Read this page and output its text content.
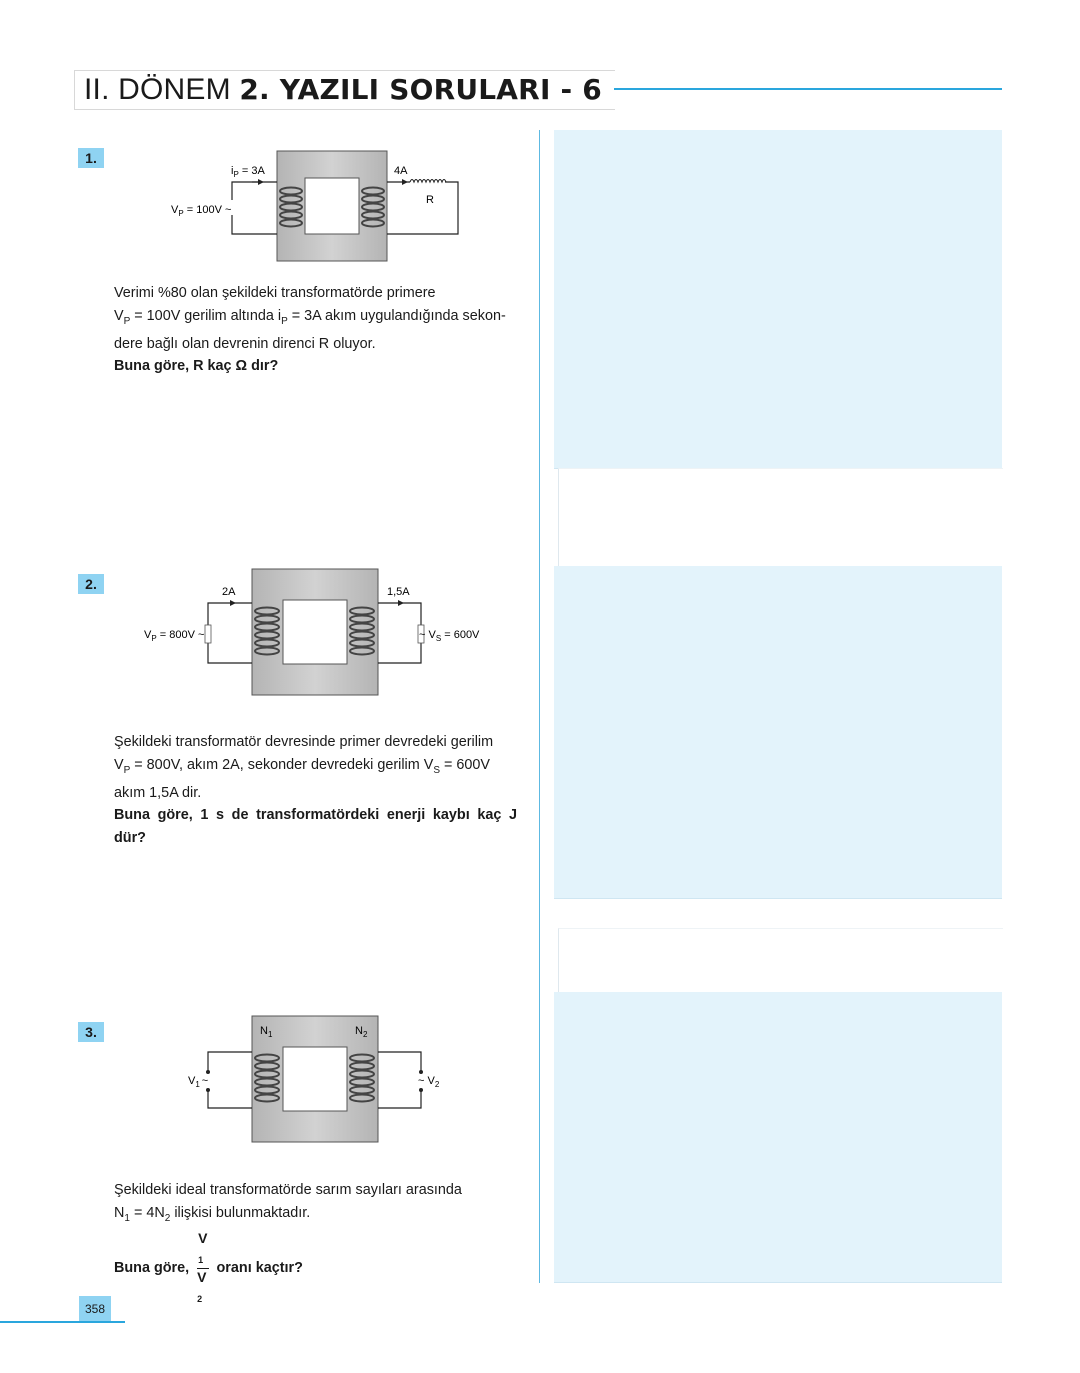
II. DÖNEM 2. YAZILI SORULARI - 6
1.
$i_P = 3A$
$V_P = 100V$ ~
4A
R

Verimi %80 olan şekildeki transformatörde primere

$V_P = 100V$ gerilim altında $i_P = 3A$ akım uygulandığında sekon-

dere bağlı olan devrenin direnci R oluyor.

Buna göre, R kaç Ω dır?

2.	2A	1,5A
$V_P = 800V$ ~	~ $V_S = 600V$

Şekildeki transformatör devresinde primer devredeki gerilim

$V_P = 800V$, akım 2A, sekonder devredeki gerilim $V_S = 600V$

akım 1,5A dir.

Buna göre, 1 s de transformatördeki enerji kaybı kaç J dür?

3.	$N_1$	$N_2$
$V_1$ ~	~ $V_2$

Şekildeki ideal transformatörde sarım sayıları arasında

$N_1 = 4N_2$ ilişkisi bulunmaktadır.

Buna göre, V
$_1$
V
$_2$ oranı kaçtır?

358
